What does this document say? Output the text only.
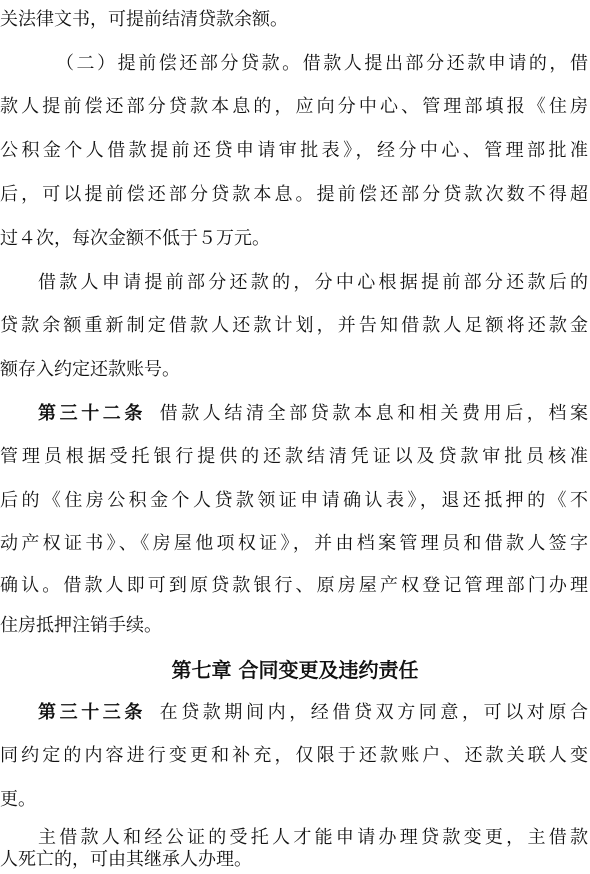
关法律文书，可提前结清贷款余额。
（二）提前偿还部分贷款。借款人提出部分还款申请的，借
款人提前偿还部分贷款本息的，应向分中心、管理部填报《住房
公积金个人借款提前还贷申请审批表》，经分中心、管理部批准
后，可以提前偿还部分贷款本息。提前偿还部分贷款次数不得超
过４次，每次金额不低于５万元。
借款人申请提前部分还款的，分中心根据提前部分还款后的
贷款余额重新制定借款人还款计划，并告知借款人足额将还款金
额存入约定还款账号。
第三十二条 借款人结清全部贷款本息和相关费用后，档案
管理员根据受托银行提供的还款结清凭证以及贷款审批员核准
后的《住房公积金个人贷款领证申请确认表》，退还抵押的《不
动产权证书》、《房屋他项权证》，并由档案管理员和借款人签字
确认。借款人即可到原贷款银行、原房屋产权登记管理部门办理
住房抵押注销手续。
第七章 合同变更及违约责任
第三十三条 在贷款期间内，经借贷双方同意，可以对原合
同约定的内容进行变更和补充，仅限于还款账户、还款关联人变
更。
主借款人和经公证的受托人才能申请办理贷款变更，主借款
人死亡的，可由其继承人办理。
